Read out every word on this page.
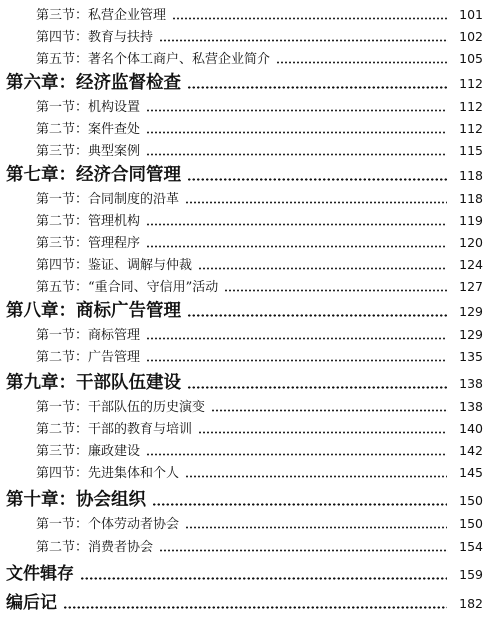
第三节：私营企业管理	101
第四节：教育与扶持	102
第五节：著名个体工商户、私营企业简介	105
第六章：经济监督检查	112
第一节：机构设置	112
第二节：案件查处	112
第三节：典型案例	115
第七章：经济合同管理	118
第一节：合同制度的沿革	118
第二节：管理机构	119
第三节：管理程序	120
第四节：鉴证、调解与仲裁	124
第五节：“重合同、守信用”活动	127
第八章：商标广告管理	129
第一节：商标管理	129
第二节：广告管理	135
第九章：干部队伍建设	138
第一节：干部队伍的历史演变	138
第二节：干部的教育与培训	140
第三节：廉政建设	142
第四节：先进集体和个人	145
第十章：协会组织	150
第一节：个体劳动者协会	150
第二节：消费者协会	154
文件辑存	159
编后记	182
